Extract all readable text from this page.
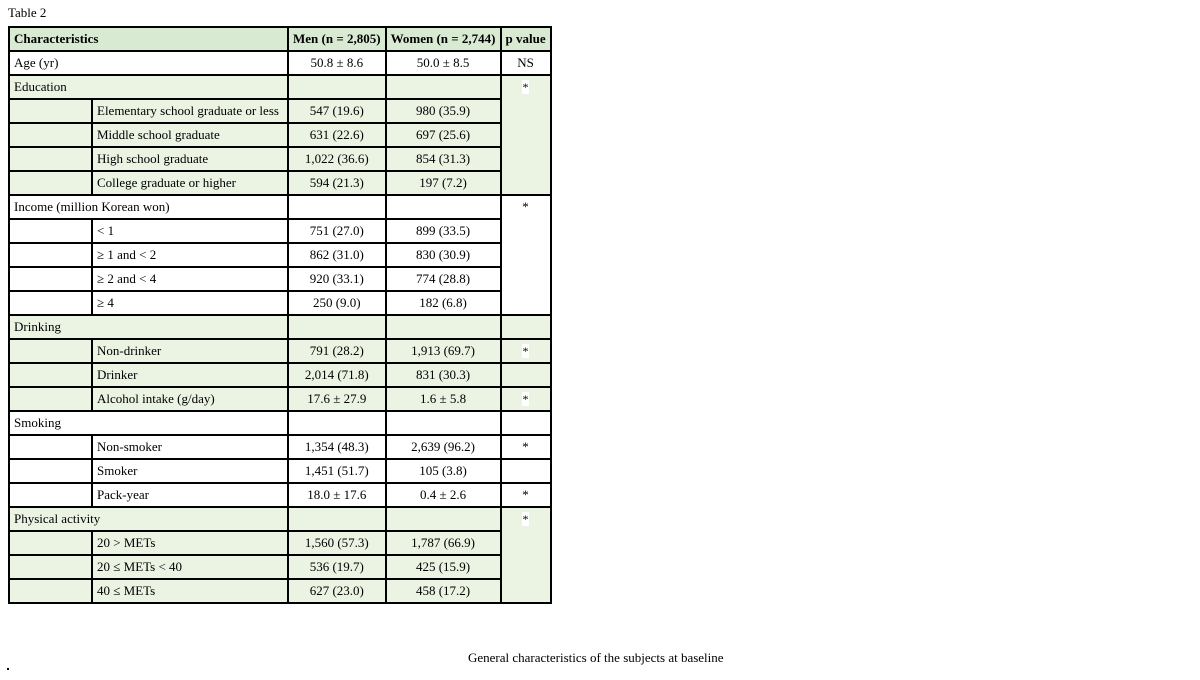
Table 2
Characteristics		Men (n = 2,805)	Women (n = 2,744)	p value
Age (yr)		50.8 ± 8.6	50.0 ± 8.5	NS
Education				*
	Elementary school graduate or less	547 (19.6)	980 (35.9)	
	Middle school graduate	631 (22.6)	697 (25.6)	
	High school graduate	1,022 (36.6)	854 (31.3)	
	College graduate or higher	594 (21.3)	197 (7.2)	
Income (million Korean won)				*
	< 1	751 (27.0)	899 (33.5)	
	≥ 1 and < 2	862 (31.0)	830 (30.9)	
	≥ 2 and < 4	920 (33.1)	774 (28.8)	
	≥ 4	250 (9.0)	182 (6.8)	
Drinking				
	Non-drinker	791 (28.2)	1,913 (69.7)	*
	Drinker	2,014 (71.8)	831 (30.3)	
	Alcohol intake (g/day)	17.6 ± 27.9	1.6 ± 5.8	*
Smoking				
	Non-smoker	1,354 (48.3)	2,639 (96.2)	*
	Smoker	1,451 (51.7)	105 (3.8)	
	Pack-year	18.0 ± 17.6	0.4 ± 2.6	*
Physical activity				*
	20 > METs	1,560 (57.3)	1,787 (66.9)	
	20 ≤ METs < 40	536 (19.7)	425 (15.9)	
	40 ≤ METs	627 (23.0)	458 (17.2)	
General characteristics of the subjects at baseline
